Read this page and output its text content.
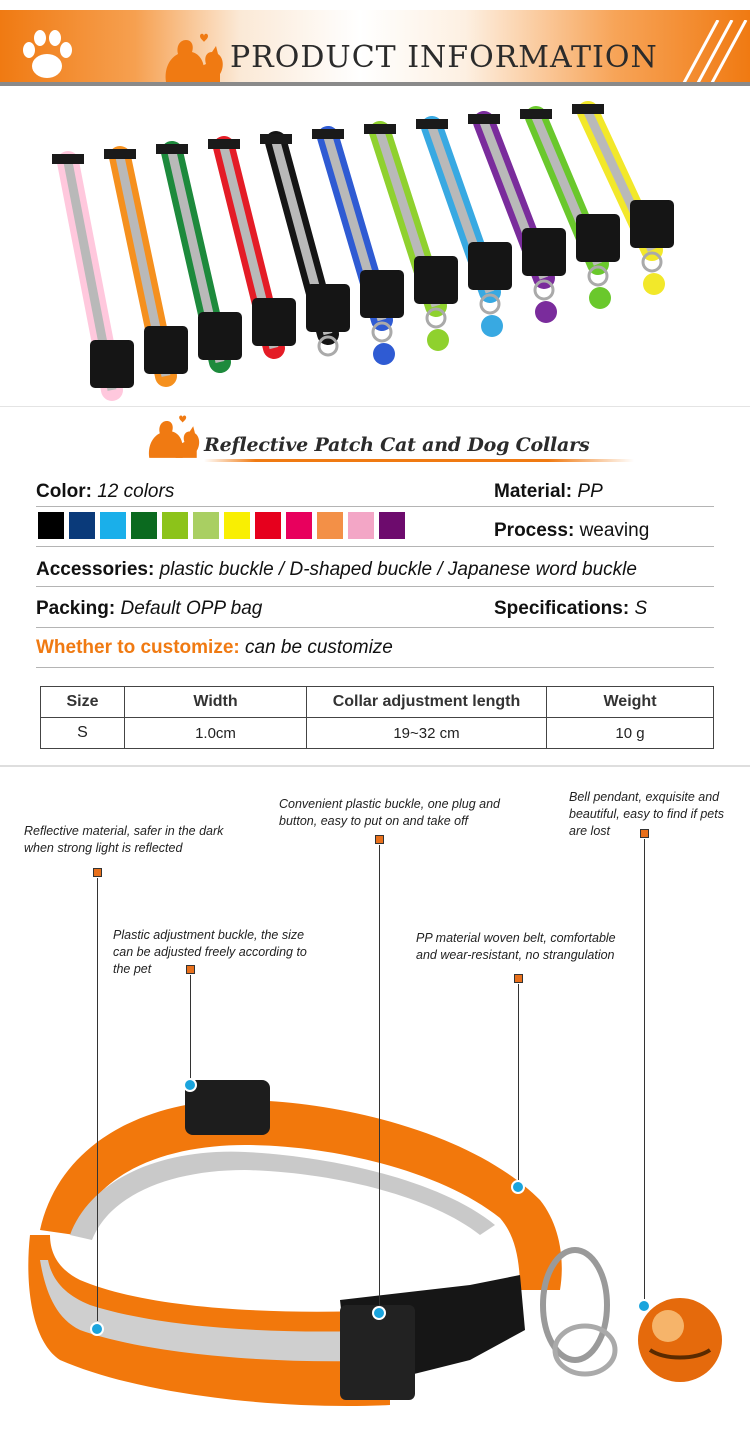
PRODUCT INFORMATION
Reflective Patch Cat and Dog Collars
Color: 12 colors	Material: PP
Process: weaving
Accessories: plastic buckle / D-shaped buckle / Japanese word buckle
Packing: Default OPP bag	Specifications: S
Whether to customize: can be customize
Size	Width	Collar adjustment length	Weight
S	1.0cm	19~32 cm	10 g
Reflective material, safer in the dark when strong light is reflected
Convenient plastic buckle, one plug and button, easy to put on and take off
Bell pendant, exquisite and beautiful, easy to find if pets are lost
Plastic adjustment buckle, the size can be adjusted freely according to the pet
PP material woven belt, comfortable and wear-resistant, no strangulation
